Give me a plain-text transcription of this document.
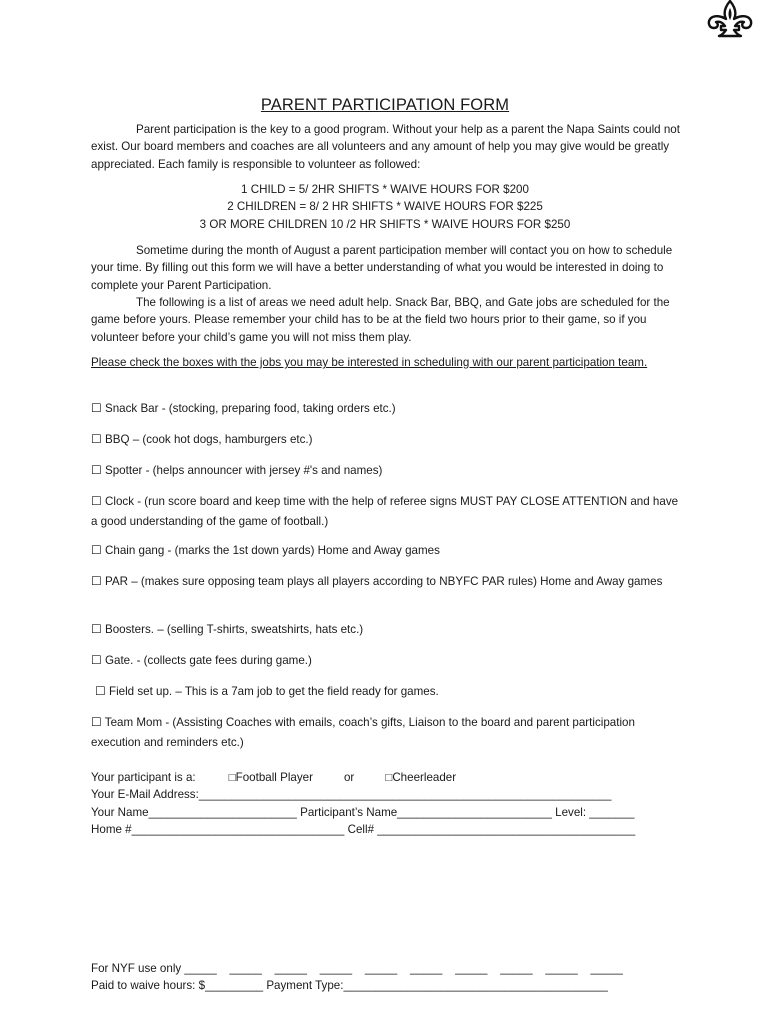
PARENT PARTICIPATION FORM
Parent participation is the key to a good program. Without your help as a parent the Napa Saints could not exist. Our board members and coaches are all volunteers and any amount of help you may give would be greatly appreciated. Each family is responsible to volunteer as followed:
1 CHILD = 5/ 2HR SHIFTS * WAIVE HOURS FOR $200
2 CHILDREN = 8/ 2 HR SHIFTS * WAIVE HOURS FOR $225
3 OR MORE CHILDREN 10 /2 HR SHIFTS * WAIVE HOURS FOR $250
Sometime during the month of August a parent participation member will contact you on how to schedule your time. By filling out this form we will have a better understanding of what you would be interested in doing to complete your Parent Participation.
The following is a list of areas we need adult help. Snack Bar, BBQ, and Gate jobs are scheduled for the game before yours. Please remember your child has to be at the field two hours prior to their game, so if you volunteer before your child’s game you will not miss them play.
Please check the boxes with the jobs you may be interested in scheduling with our parent participation team.
☐ Snack Bar - (stocking, preparing food, taking orders etc.)
☐ BBQ – (cook hot dogs, hamburgers etc.)
☐ Spotter - (helps announcer with jersey #'s and names)
☐ Clock - (run score board and keep time with the help of referee signs MUST PAY CLOSE ATTENTION and have a good understanding of the game of football.)
☐ Chain gang - (marks the 1st down yards) Home and Away games
☐ PAR – (makes sure opposing team plays all players according to NBYFC PAR rules) Home and Away games
☐ Boosters. – (selling T-shirts, sweatshirts, hats etc.)
☐ Gate. - (collects gate fees during game.)
☐ Field set up. – This is a 7am job to get the field ready for games.
☐ Team Mom - (Assisting Coaches with emails, coach’s gifts, Liaison to the board and parent participation execution and reminders etc.)
Your participant is a:	□Football Player	or	□Cheerleader
Your E-Mail Address:________________________________________________________________
Your Name_______________________ Participant’s Name________________________ Level: _______
Home #_________________________________ Cell# ________________________________________
For NYF use only _____    _____    _____    _____    _____    _____    _____    _____    _____    _____
Paid to waive hours: $_________ Payment Type:_________________________________________
